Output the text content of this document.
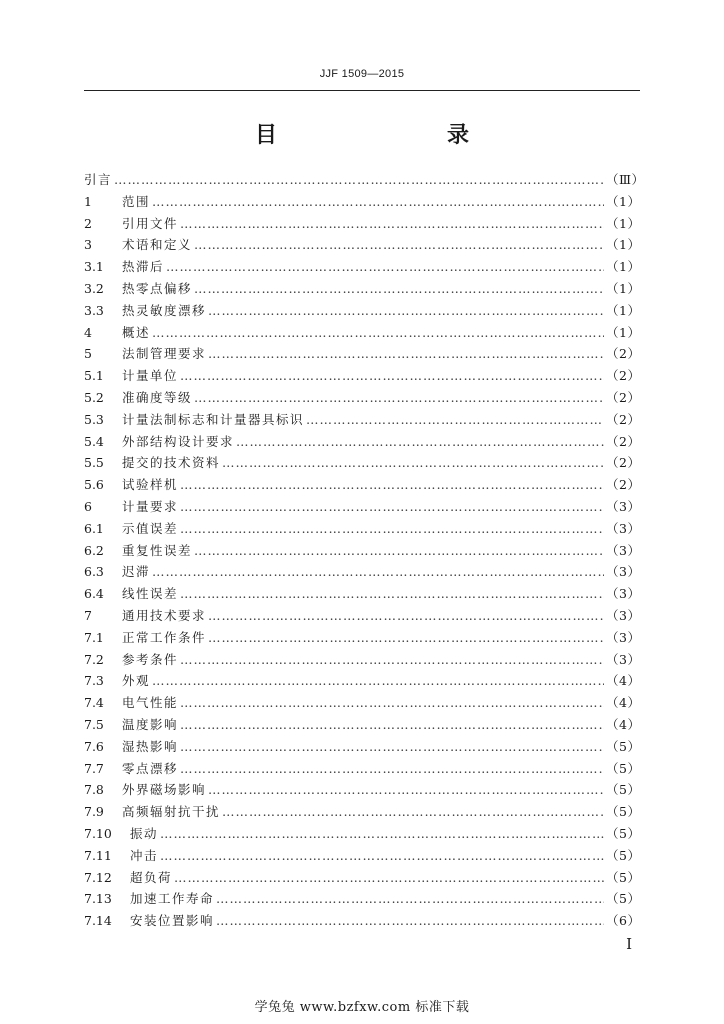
JJF 1509—2015
目　　录
引言 ……………………………………………………………………………………………………………………………………………………………………	（Ⅲ）
1	范围 ……………………………………………………………………………………………………………………………………………………………………	（1）
2	引用文件 ……………………………………………………………………………………………………………………………………………………………………	（1）
3	术语和定义 ……………………………………………………………………………………………………………………………………………………………………	（1）
3.1	热滞后 ……………………………………………………………………………………………………………………………………………………………………	（1）
3.2	热零点偏移 ……………………………………………………………………………………………………………………………………………………………………	（1）
3.3	热灵敏度漂移 ……………………………………………………………………………………………………………………………………………………………………	（1）
4	概述 ……………………………………………………………………………………………………………………………………………………………………	（1）
5	法制管理要求 ……………………………………………………………………………………………………………………………………………………………………	（2）
5.1	计量单位 ……………………………………………………………………………………………………………………………………………………………………	（2）
5.2	准确度等级 ……………………………………………………………………………………………………………………………………………………………………	（2）
5.3	计量法制标志和计量器具标识 ……………………………………………………………………………………………………………………………………………………………………	（2）
5.4	外部结构设计要求 ……………………………………………………………………………………………………………………………………………………………………	（2）
5.5	提交的技术资料 ……………………………………………………………………………………………………………………………………………………………………	（2）
5.6	试验样机 ……………………………………………………………………………………………………………………………………………………………………	（2）
6	计量要求 ……………………………………………………………………………………………………………………………………………………………………	（3）
6.1	示值误差 ……………………………………………………………………………………………………………………………………………………………………	（3）
6.2	重复性误差 ……………………………………………………………………………………………………………………………………………………………………	（3）
6.3	迟滞 ……………………………………………………………………………………………………………………………………………………………………	（3）
6.4	线性误差 ……………………………………………………………………………………………………………………………………………………………………	（3）
7	通用技术要求 ……………………………………………………………………………………………………………………………………………………………………	（3）
7.1	正常工作条件 ……………………………………………………………………………………………………………………………………………………………………	（3）
7.2	参考条件 ……………………………………………………………………………………………………………………………………………………………………	（3）
7.3	外观 ……………………………………………………………………………………………………………………………………………………………………	（4）
7.4	电气性能 ……………………………………………………………………………………………………………………………………………………………………	（4）
7.5	温度影响 ……………………………………………………………………………………………………………………………………………………………………	（4）
7.6	湿热影响 ……………………………………………………………………………………………………………………………………………………………………	（5）
7.7	零点漂移 ……………………………………………………………………………………………………………………………………………………………………	（5）
7.8	外界磁场影响 ……………………………………………………………………………………………………………………………………………………………………	（5）
7.9	高频辐射抗干扰 ……………………………………………………………………………………………………………………………………………………………………	（5）
7.10	振动 ……………………………………………………………………………………………………………………………………………………………………	（5）
7.11	冲击 ……………………………………………………………………………………………………………………………………………………………………	（5）
7.12	超负荷 ……………………………………………………………………………………………………………………………………………………………………	（5）
7.13	加速工作寿命 ……………………………………………………………………………………………………………………………………………………………………	（5）
7.14	安装位置影响 ……………………………………………………………………………………………………………………………………………………………………	（6）
I
学兔兔 www.bzfxw.com 标准下载
